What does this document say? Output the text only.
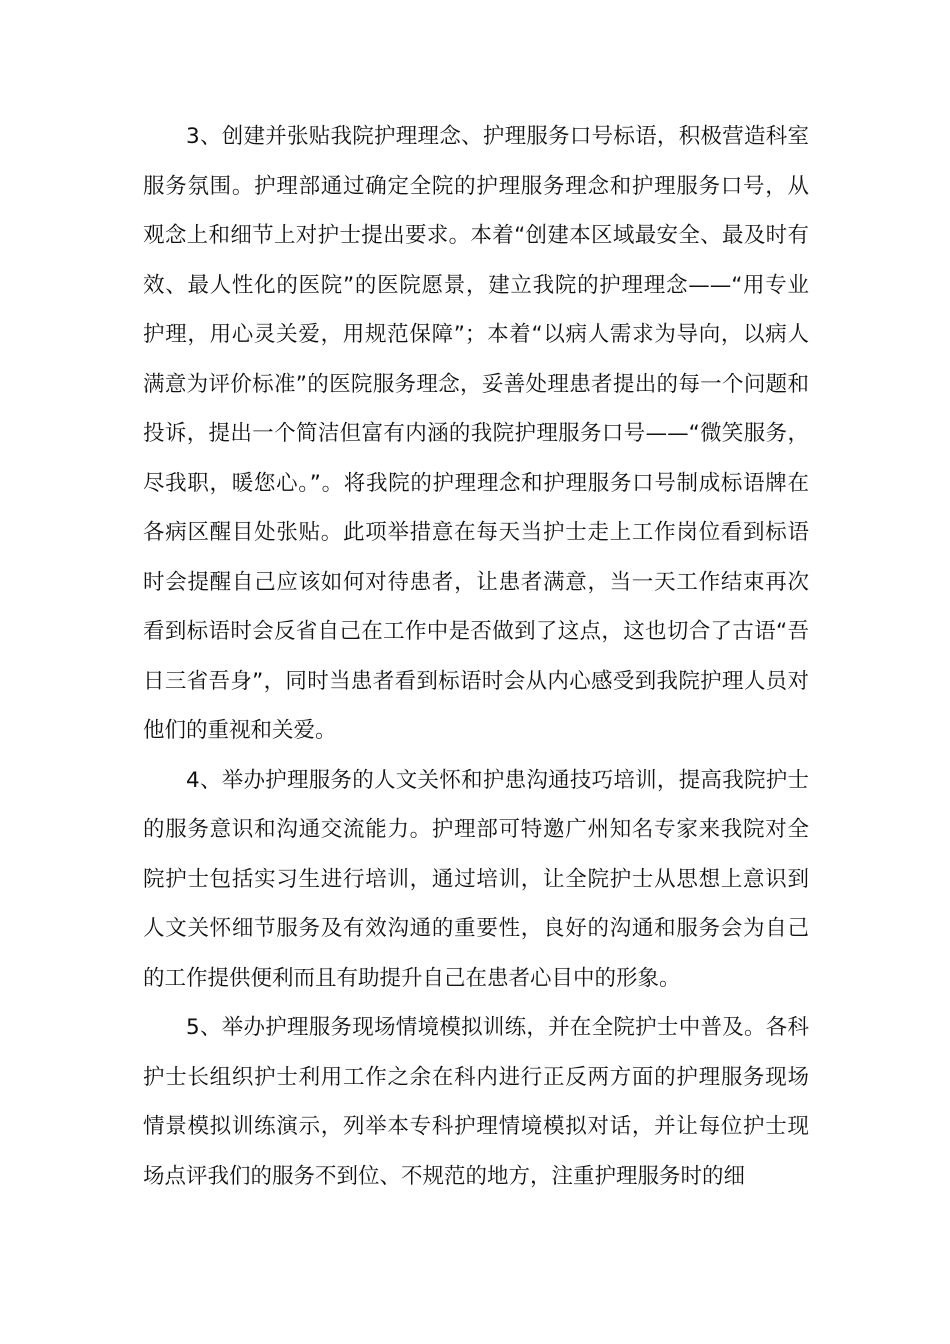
3、创建并张贴我院护理理念、护理服务口号标语，积极营造科室服务氛围。护理部通过确定全院的护理服务理念和护理服务口号，从观念上和细节上对护士提出要求。本着“创建本区域最安全、最及时有效、最人性化的医院”的医院愿景，建立我院的护理理念——“用专业护理，用心灵关爱，用规范保障”；本着“以病人需求为导向，以病人满意为评价标准”的医院服务理念，妥善处理患者提出的每一个问题和投诉，提出一个简洁但富有内涵的我院护理服务口号——“微笑服务，尽我职，暖您心。”。将我院的护理理念和护理服务口号制成标语牌在各病区醒目处张贴。此项举措意在每天当护士走上工作岗位看到标语时会提醒自己应该如何对待患者，让患者满意，当一天工作结束再次看到标语时会反省自己在工作中是否做到了这点，这也切合了古语“吾日三省吾身”，同时当患者看到标语时会从内心感受到我院护理人员对他们的重视和关爱。

4、举办护理服务的人文关怀和护患沟通技巧培训，提高我院护士的服务意识和沟通交流能力。护理部可特邀广州知名专家来我院对全院护士包括实习生进行培训，通过培训，让全院护士从思想上意识到人文关怀细节服务及有效沟通的重要性，良好的沟通和服务会为自己的工作提供便利而且有助提升自己在患者心目中的形象。

5、举办护理服务现场情境模拟训练，并在全院护士中普及。各科护士长组织护士利用工作之余在科内进行正反两方面的护理服务现场情景模拟训练演示，列举本专科护理情境模拟对话，并让每位护士现场点评我们的服务不到位、不规范的地方，注重护理服务时的细
